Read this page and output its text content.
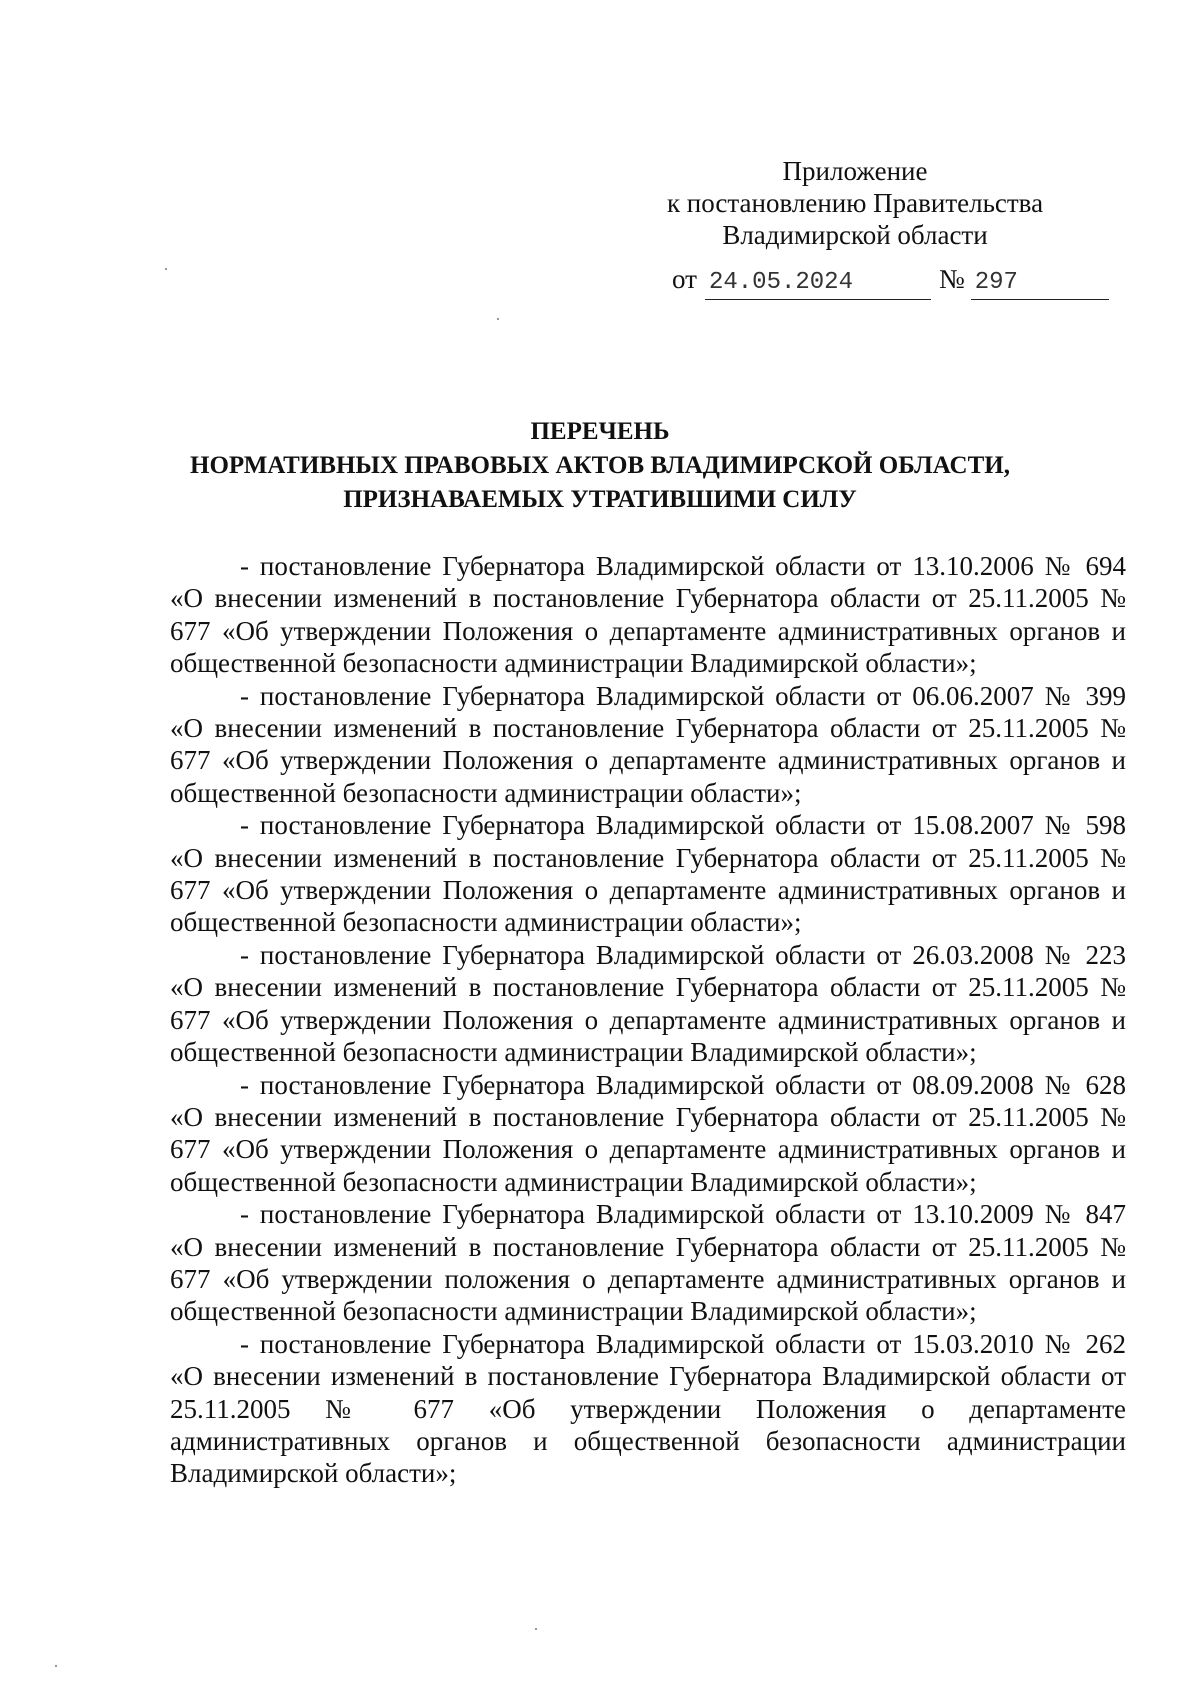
Приложение
к постановлению Правительства
Владимирской области
от 24.05.2024	№ 297
ПЕРЕЧЕНЬ
НОРМАТИВНЫХ ПРАВОВЫХ АКТОВ ВЛАДИМИРСКОЙ ОБЛАСТИ,
ПРИЗНАВАЕМЫХ УТРАТИВШИМИ СИЛУ

- постановление Губернатора Владимирской области от 13.10.2006 № 694 «О внесении изменений в постановление Губернатора области от 25.11.2005 № 677 «Об утверждении Положения о департаменте административных органов и общественной безопасности администрации Владимирской области»;

- постановление Губернатора Владимирской области от 06.06.2007 № 399 «О внесении изменений в постановление Губернатора области от 25.11.2005 № 677 «Об утверждении Положения о департаменте административных органов и общественной безопасности администрации области»;

- постановление Губернатора Владимирской области от 15.08.2007 № 598 «О внесении изменений в постановление Губернатора области от 25.11.2005 № 677 «Об утверждении Положения о департаменте административных органов и общественной безопасности администрации области»;

- постановление Губернатора Владимирской области от 26.03.2008 № 223 «О внесении изменений в постановление Губернатора области от 25.11.2005 № 677 «Об утверждении Положения о департаменте административных органов и общественной безопасности администрации Владимирской области»;

- постановление Губернатора Владимирской области от 08.09.2008 № 628 «О внесении изменений в постановление Губернатора области от 25.11.2005 № 677 «Об утверждении Положения о департаменте административных органов и общественной безопасности администрации Владимирской области»;

- постановление Губернатора Владимирской области от 13.10.2009 № 847 «О внесении изменений в постановление Губернатора области от 25.11.2005 № 677 «Об утверждении положения о департаменте административных органов и общественной безопасности администрации Владимирской области»;

- постановление Губернатора Владимирской области от 15.03.2010 № 262 «О внесении изменений в постановление Губернатора Владимирской области от 25.11.2005 № 677 «Об утверждении Положения о департаменте административных органов и общественной безопасности администрации Владимирской области»;
